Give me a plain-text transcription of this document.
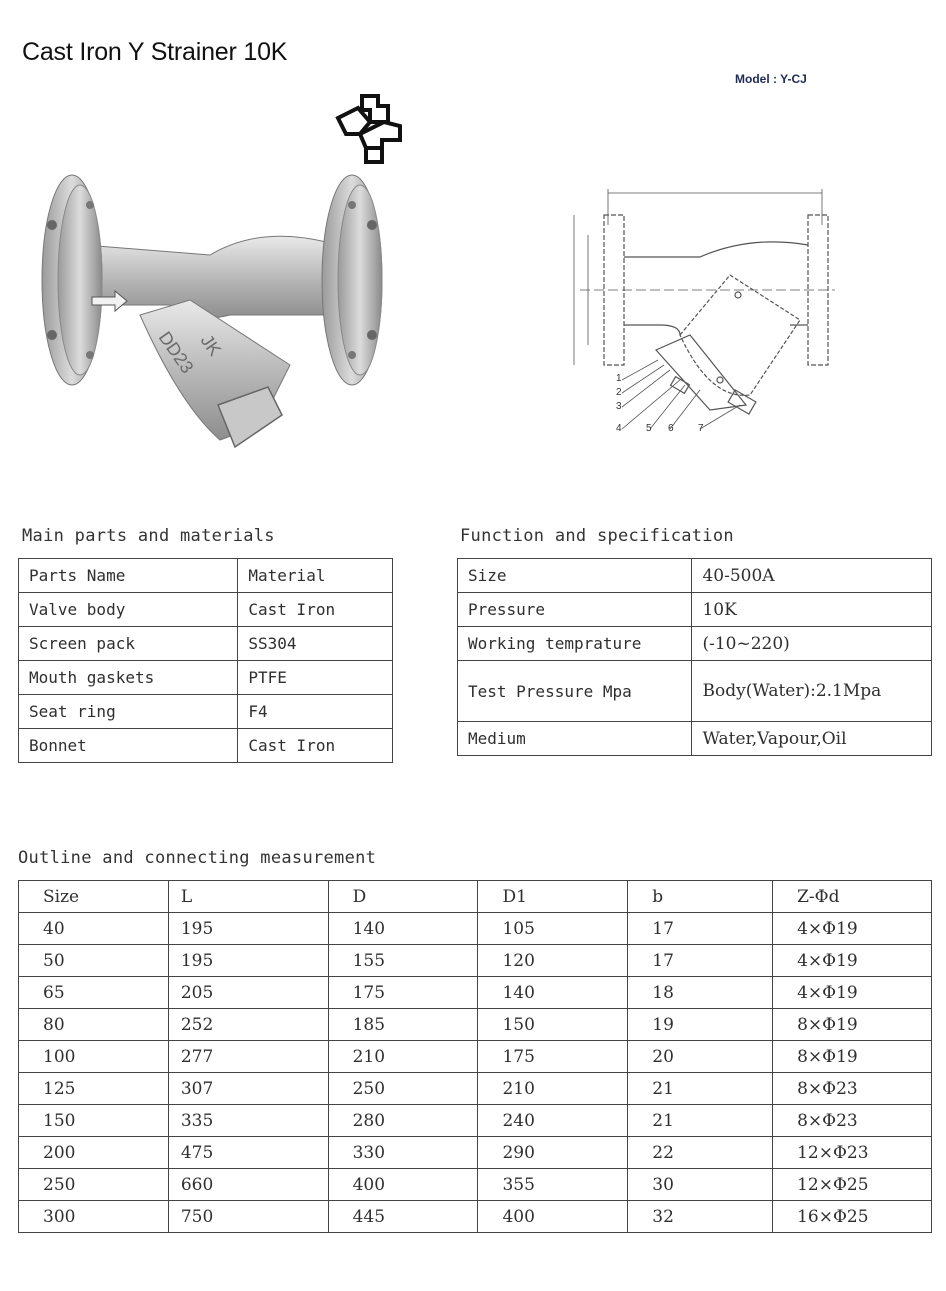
Cast Iron Y Strainer 10K
Model : Y-CJ
JK
DD23
1
2
3
4 5 6 7
Main parts and materials
Parts Name	Material
Valve body	Cast Iron
Screen pack	SS304
Mouth gaskets	PTFE
Seat ring	F4
Bonnet	Cast Iron
Function and specification
Size	40-500A
Pressure	10K
Working temprature	(-10~220)
Test Pressure Mpa	Body(Water):2.1Mpa
Medium	Water,Vapour,Oil
Outline and connecting measurement
Size	L	D	D1	b	Z-Φd
40	195	140	105	17	4×Φ19
50	195	155	120	17	4×Φ19
65	205	175	140	18	4×Φ19
80	252	185	150	19	8×Φ19
100	277	210	175	20	8×Φ19
125	307	250	210	21	8×Φ23
150	335	280	240	21	8×Φ23
200	475	330	290	22	12×Φ23
250	660	400	355	30	12×Φ25
300	750	445	400	32	16×Φ25
